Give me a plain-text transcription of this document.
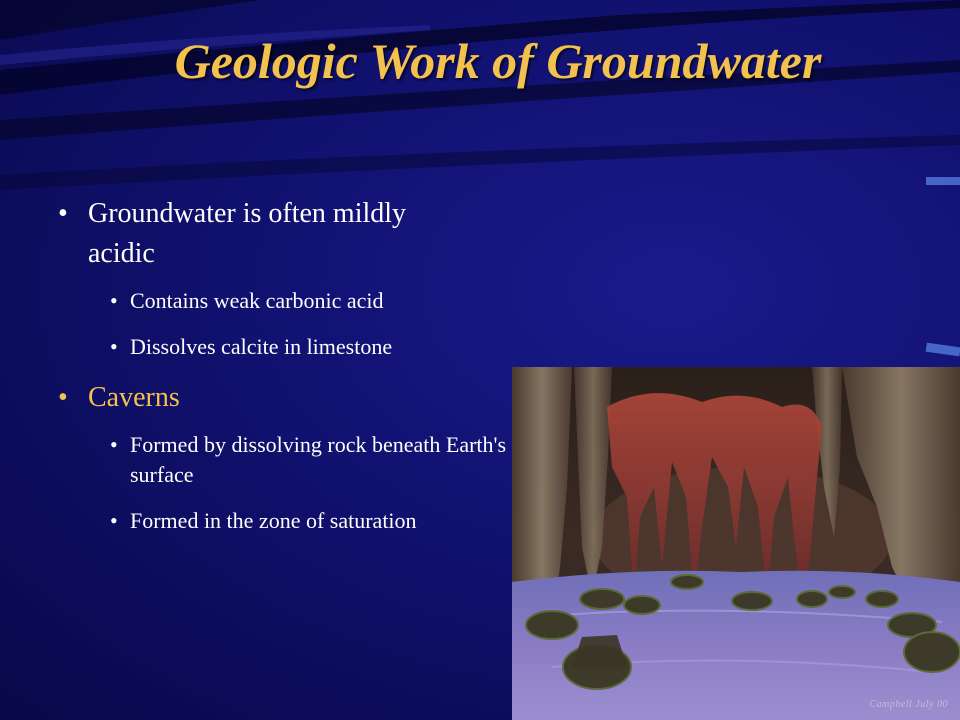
Geologic Work of Groundwater
• Groundwater is often mildly acidic
• Contains weak carbonic acid
• Dissolves calcite in limestone
• Caverns
• Formed by dissolving rock beneath Earth's surface
• Formed in the zone of saturation
Campbell July 00
